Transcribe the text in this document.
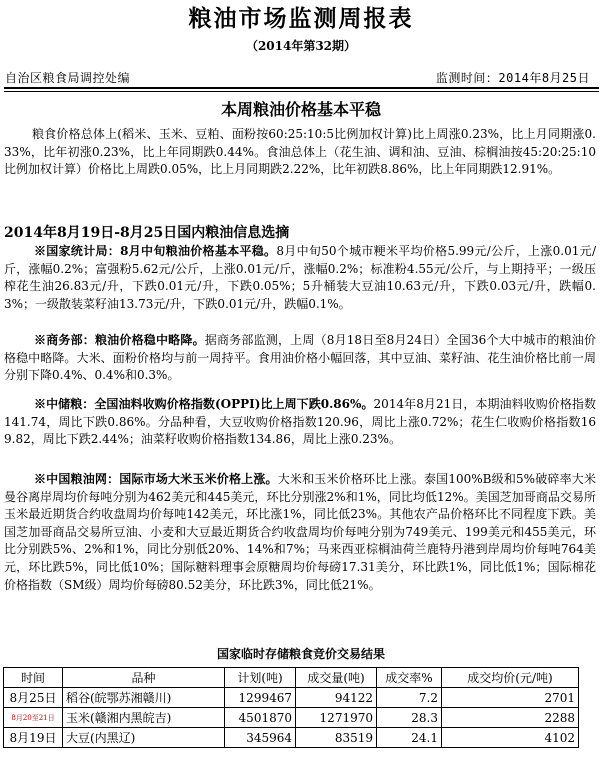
粮油市场监测周报表
（2014年第32期）
自治区粮食局调控处编	监测时间：2014年8月25日
本周粮油价格基本平稳
粮食价格总体上(稻米、玉米、豆粕、面粉按60:25:10:5比例加权计算)比上周涨0.23%，比上月同期涨0.33%，比年初涨0.23%，比上年同期跌0.44%。食油总体上（花生油、调和油、豆油、棕榈油按45:20:25:10比例加权计算）价格比上周跌0.05%，比上月同期跌2.22%，比年初跌8.86%，比上年同期跌12.91%。
2014年8月19日-8月25日国内粮油信息选摘
※国家统计局：8月中旬粮油价格基本平稳。8月中旬50个城市粳米平均价格5.99元/公斤，上涨0.01元/斤，涨幅0.2%；富强粉5.62元/公斤，上涨0.01元/斤，涨幅0.2%；标准粉4.55元/公斤，与上期持平；一级压榨花生油26.83元/升，下跌0.01元/升，下跌0.05%；5升桶装大豆油10.63元/升，下跌0.03元/升，跌幅0.3%；一级散装菜籽油13.73元/升，下跌0.01元/升，跌幅0.1%。
※商务部：粮油价格稳中略降。据商务部监测，上周（8月18日至8月24日）全国36个大中城市的粮油价格稳中略降。大米、面粉价格均与前一周持平。食用油价格小幅回落，其中豆油、菜籽油、花生油价格比前一周分别下降0.4%、0.4%和0.3%。
※中储粮：全国油料收购价格指数(OPPI)比上周下跌0.86%。2014年8月21日，本期油料收购价格指数141.74，周比下跌0.86%。分品种看，大豆收购价格指数120.96，周比上涨0.72%；花生仁收购价格指数169.82，周比下跌2.44%；油菜籽收购价格指数134.86，周比上涨0.23%。
※中国粮油网：国际市场大米玉米价格上涨。大米和玉米价格环比上涨。泰国100%B级和5%破碎率大米曼谷离岸周均价每吨分别为462美元和445美元，环比分别涨2%和1%，同比均低12%。美国芝加哥商品交易所玉米最近期货合约收盘周均价每吨142美元，环比涨1%，同比低23%。其他农产品价格环比不同程度下跌。美国芝加哥商品交易所豆油、小麦和大豆最近期货合约收盘周均价每吨分别为749美元、199美元和455美元，环比分别跌5%、2%和1%，同比分别低20%、14%和7%；马来西亚棕榈油荷兰鹿特丹港到岸周均价每吨764美元，环比跌5%，同比低10%；国际糖料理事会原糖周均价每磅17.31美分，环比跌1%，同比低1%；国际棉花价格指数（SM级）周均价每磅80.52美分，环比跌3%，同比低21%。
国家临时存储粮食竞价交易结果
时间	品种	计划(吨)	成交量(吨)	成交率%	成交均价(元/吨)
8月25日	稻谷(皖鄂苏湘赣川)	1299467	94122	7.2	2701
8月20至21日	玉米(赣湘内黑皖吉)	4501870	1271970	28.3	2288
8月19日	大豆(内黑辽)	345964	83519	24.1	4102
